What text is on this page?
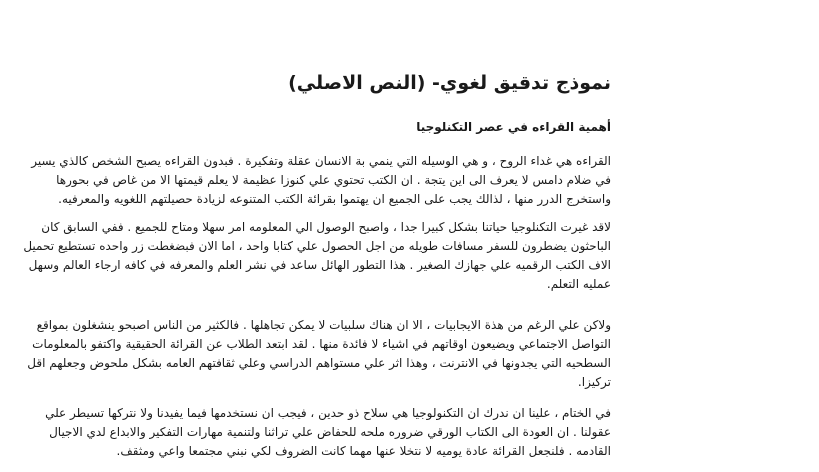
نموذج تدقيق لغوي- (النص الاصلي)
أهمية القراءه في عصر التكنلوجيا

القراءه هي غداء الروح ، و هي الوسيله التي ينمي بة الانسان عقلة وتفكيرة . فبدون القراءه يصبح الشخص كالذي يسير
في ضلام دامس لا يعرف الى اين يتجة . ان الكتب تحتوي علي كنوزا عظيمة لا يعلم قيمتها الا من غاص في بحورها
واستخرج الدرر منها ، لذالك يجب على الجميع ان يهتموا بقرائة الكتب المتنوعه لزيادة حصيلتهم اللغويه والمعرفيه.

لاقد غيرت التكنلوجيا حياتنا بشكل كبيرا جدا ، واصبح الوصول الي المعلومه امر سهلا ومتاح للجميع . ففي السابق كان
الباحثون يضطرون للسفر مسافات طويله من اجل الحصول علي كتابا واحد ، اما الان فبضغطت زر واحده تستطيع تحميل
الاف الكتب الرقميه علي جهازك الصغير . هذا التطور الهائل ساعد في نشر العلم والمعرفه في كافه ارجاء العالم وسهل
عمليه التعلم.

ولاكن علي الرغم من هذة الايجابيات ، الا ان هناك سلبيات لا يمكن تجاهلها . فالكثير من الناس اصبحو ينشغلون بمواقع
التواصل الاجتماعي ويضيعون اوقاتهم في اشياء لا فائدة منها . لقد ابتعد الطلاب عن القرائة الحقيقية واكتفو بالمعلومات
السطحيه التي يجدونها في الانترنت ، وهذا اثر علي مستواهم الدراسي وعلي ثقافتهم العامه بشكل ملحوض وجعلهم اقل
تركيزا.

في الختام ، علينا ان ندرك ان التكنولوجيا هي سلاح ذو حدين ، فيجب ان نستخدمها فيما يفيدنا ولا نتركها تسيطر علي
عقولنا . ان العودة الى الكتاب الورقي ضروره ملحه للحفاض علي تراثنا ولتنمية مهارات التفكير والابداع لدي الاجيال
القادمه . فلنجعل القرائة عادة يوميه لا نتخلا عنها مهما كانت الضروف لكي نبني مجتمعا واعي ومثقف.
